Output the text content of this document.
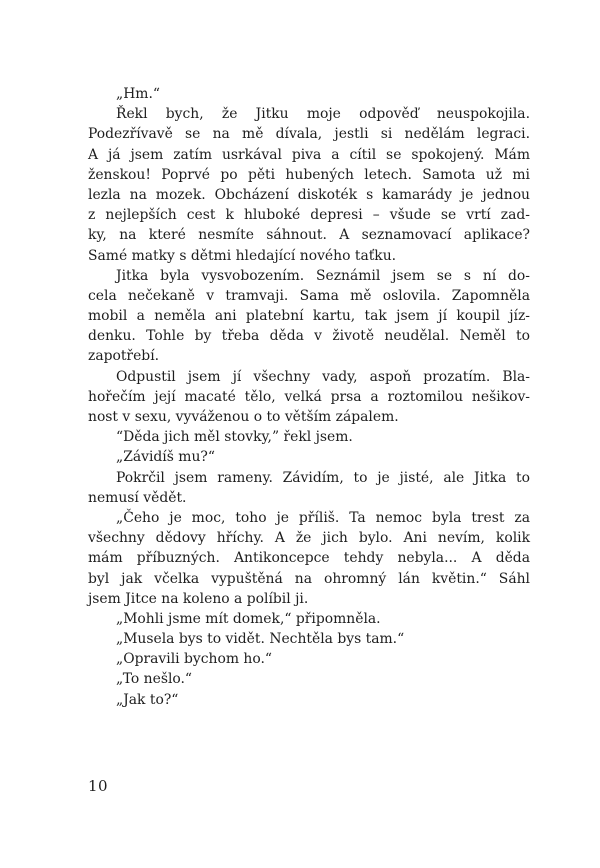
„Hm.“
Řekl bych, že Jitku moje odpověď neuspokojila.
Podezřívavě se na mě dívala, jestli si nedělám legraci.
A já jsem zatím usrkával piva a cítil se spokojený. Mám
ženskou! Poprvé po pěti hubených letech. Samota už mi
lezla na mozek. Obcházení diskoték s kamarády je jednou
z nejlepších cest k hluboké depresi – všude se vrtí zad-
ky, na které nesmíte sáhnout. A seznamovací aplikace?
Samé matky s dětmi hledající nového taťku.
Jitka byla vysvobozením. Seznámil jsem se s ní do-
cela nečekaně v tramvaji. Sama mě oslovila. Zapomněla
mobil a neměla ani platební kartu, tak jsem jí koupil jíz-
denku. Tohle by třeba děda v životě neudělal. Neměl to
zapotřebí.
Odpustil jsem jí všechny vady, aspoň prozatím. Bla-
hořečím její macaté tělo, velká prsa a roztomilou nešikov-
nost v sexu, vyváženou o to větším zápalem.
“Děda jich měl stovky,” řekl jsem.
„Závidíš mu?“
Pokrčil jsem rameny. Závidím, to je jisté, ale Jitka to
nemusí vědět.
„Čeho je moc, toho je příliš. Ta nemoc byla trest za
všechny dědovy hříchy. A že jich bylo. Ani nevím, kolik
mám příbuzných. Antikoncepce tehdy nebyla... A děda
byl jak včelka vypuštěná na ohromný lán květin.“ Sáhl
jsem Jitce na koleno a políbil ji.
„Mohli jsme mít domek,“ připomněla.
„Musela bys to vidět. Nechtěla bys tam.“
„Opravili bychom ho.“
„To nešlo.“
„Jak to?“
10
